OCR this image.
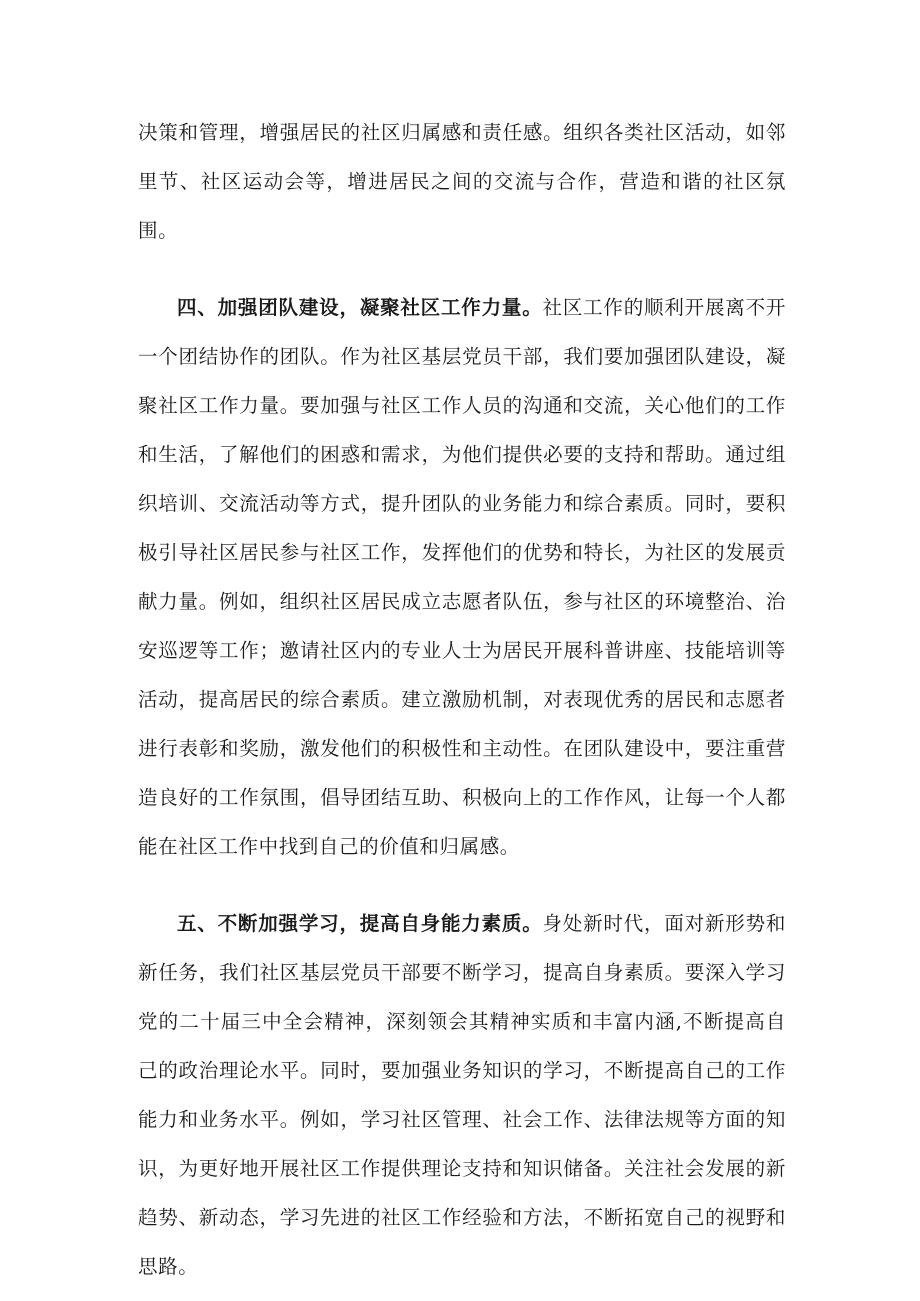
决策和管理，增强居民的社区归属感和责任感。组织各类社区活动，如邻里节、社区运动会等，增进居民之间的交流与合作，营造和谐的社区氛围。

四、加强团队建设，凝聚社区工作力量。社区工作的顺利开展离不开一个团结协作的团队。作为社区基层党员干部，我们要加强团队建设，凝聚社区工作力量。要加强与社区工作人员的沟通和交流，关心他们的工作和生活，了解他们的困惑和需求，为他们提供必要的支持和帮助。通过组织培训、交流活动等方式，提升团队的业务能力和综合素质。同时，要积极引导社区居民参与社区工作，发挥他们的优势和特长，为社区的发展贡献力量。例如，组织社区居民成立志愿者队伍，参与社区的环境整治、治安巡逻等工作；邀请社区内的专业人士为居民开展科普讲座、技能培训等活动，提高居民的综合素质。建立激励机制，对表现优秀的居民和志愿者进行表彰和奖励，激发他们的积极性和主动性。在团队建设中，要注重营造良好的工作氛围，倡导团结互助、积极向上的工作作风，让每一个人都能在社区工作中找到自己的价值和归属感。

五、不断加强学习，提高自身能力素质。身处新时代，面对新形势和新任务，我们社区基层党员干部要不断学习，提高自身素质。要深入学习党的二十届三中全会精神，深刻领会其精神实质和丰富内涵,不断提高自己的政治理论水平。同时，要加强业务知识的学习，不断提高自己的工作能力和业务水平。例如，学习社区管理、社会工作、法律法规等方面的知识，为更好地开展社区工作提供理论支持和知识储备。关注社会发展的新趋势、新动态，学习先进的社区工作经验和方法，不断拓宽自己的视野和思路。
